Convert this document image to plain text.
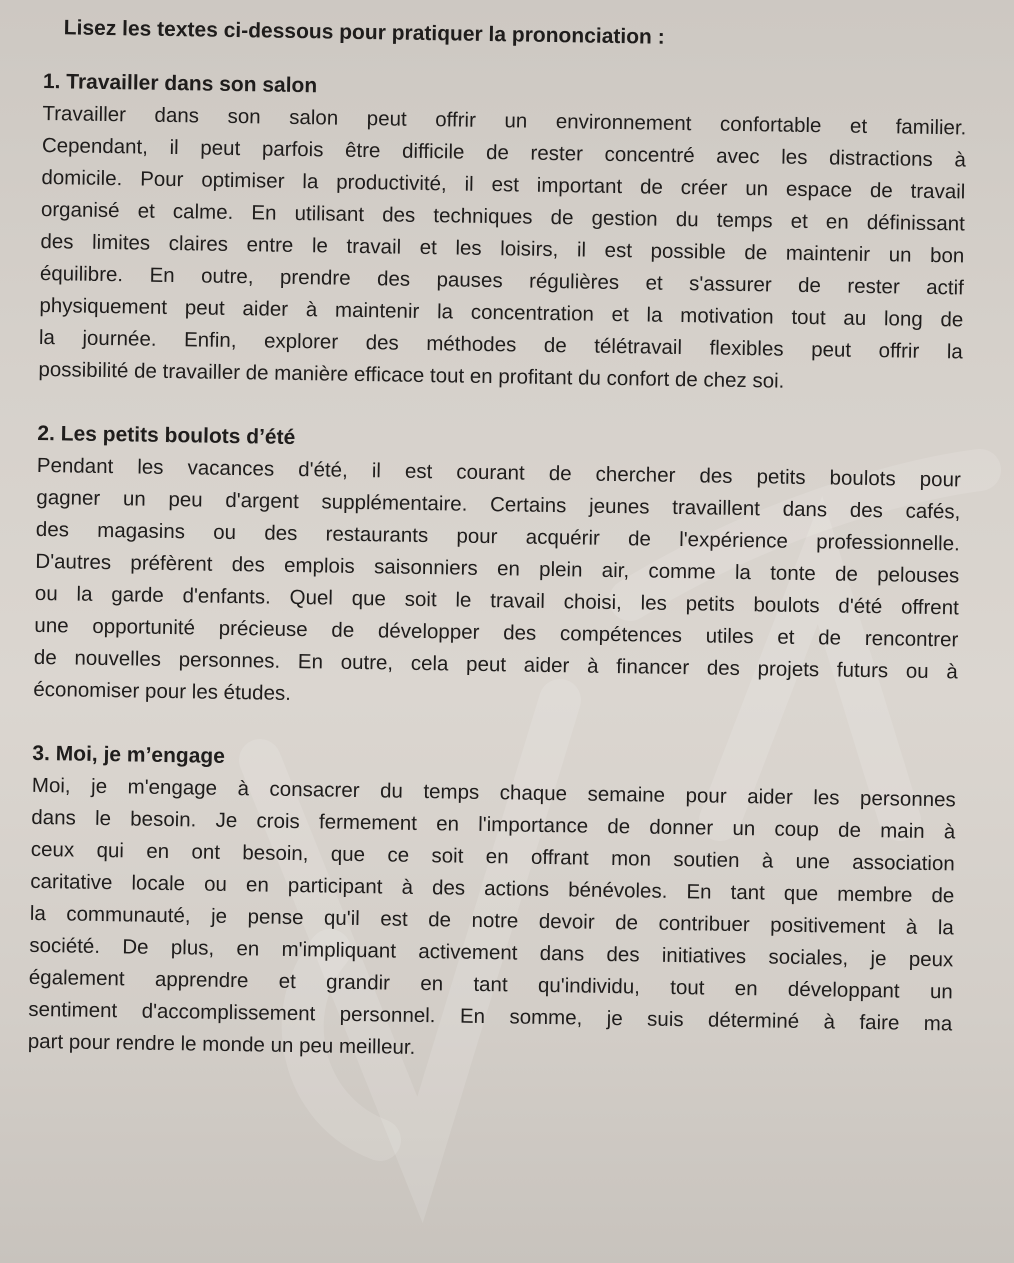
Lisez les textes ci-dessous pour pratiquer la prononciation :
1. Travailler dans son salon
Travailler dans son salon peut offrir un environnement confortable et familier.
Cependant, il peut parfois être difficile de rester concentré avec les distractions à
domicile. Pour optimiser la productivité, il est important de créer un espace de travail
organisé et calme. En utilisant des techniques de gestion du temps et en définissant
des limites claires entre le travail et les loisirs, il est possible de maintenir un bon
équilibre. En outre, prendre des pauses régulières et s'assurer de rester actif
physiquement peut aider à maintenir la concentration et la motivation tout au long de
la journée. Enfin, explorer des méthodes de télétravail flexibles peut offrir la
possibilité de travailler de manière efficace tout en profitant du confort de chez soi.
2. Les petits boulots d’été
Pendant les vacances d'été, il est courant de chercher des petits boulots pour
gagner un peu d'argent supplémentaire. Certains jeunes travaillent dans des cafés,
des magasins ou des restaurants pour acquérir de l'expérience professionnelle.
D'autres préfèrent des emplois saisonniers en plein air, comme la tonte de pelouses
ou la garde d'enfants. Quel que soit le travail choisi, les petits boulots d'été offrent
une opportunité précieuse de développer des compétences utiles et de rencontrer
de nouvelles personnes. En outre, cela peut aider à financer des projets futurs ou à
économiser pour les études.
3. Moi, je m’engage
Moi, je m'engage à consacrer du temps chaque semaine pour aider les personnes
dans le besoin. Je crois fermement en l'importance de donner un coup de main à
ceux qui en ont besoin, que ce soit en offrant mon soutien à une association
caritative locale ou en participant à des actions bénévoles. En tant que membre de
la communauté, je pense qu'il est de notre devoir de contribuer positivement à la
société. De plus, en m'impliquant activement dans des initiatives sociales, je peux
également apprendre et grandir en tant qu'individu, tout en développant un
sentiment d'accomplissement personnel. En somme, je suis déterminé à faire ma
part pour rendre le monde un peu meilleur.
